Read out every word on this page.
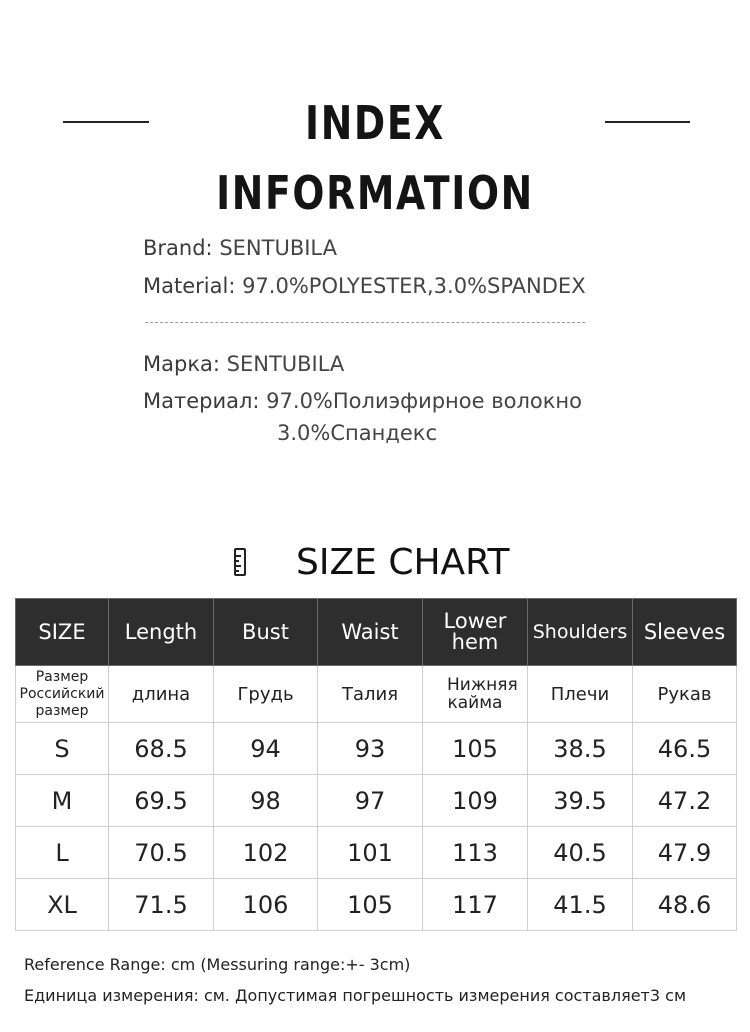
INDEX INFORMATION
Brand: SENTUBILA
Material: 97.0%POLYESTER,3.0%SPANDEX
Марка: SENTUBILA
Материал: 97.0%Полиэфирное волокно
3.0%Спандекс
SIZE CHART
SIZE	Length	Bust	Waist	Lower hem	Shoulders	Sleeves
Размер Российский размер	длина	Грудь	Талия	Нижняя кайма	Плечи	Рукав
S	68.5	94	93	105	38.5	46.5
M	69.5	98	97	109	39.5	47.2
L	70.5	102	101	113	40.5	47.9
XL	71.5	106	105	117	41.5	48.6
Reference Range: cm (Messuring range:+- 3cm)
Единица измерения: см. Допустимая погрешность измерения составляет3 см
